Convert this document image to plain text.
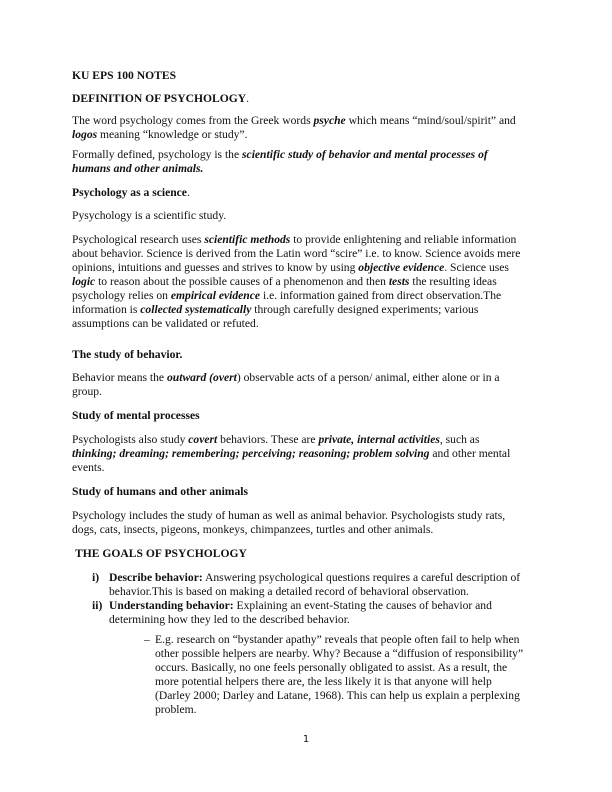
KU EPS 100 NOTES
DEFINITION OF PSYCHOLOGY.
The word psychology comes from the Greek words psyche which means “mind/soul/spirit” and
logos meaning “knowledge or study”.
Formally defined, psychology is the scientific study of behavior and mental processes of
humans and other animals.
Psychology as a science.
Pysychology is a scientific study.
Psychological research uses scientific methods to provide enlightening and reliable information
about behavior. Science is derived from the Latin word “scire” i.e. to know. Science avoids mere
opinions, intuitions and guesses and strives to know by using objective evidence. Science uses
logic to reason about the possible causes of a phenomenon and then tests the resulting ideas
psychology relies on empirical evidence i.e. information gained from direct observation.The
information is collected systematically through carefully designed experiments; various
assumptions can be validated or refuted.
The study of behavior.
Behavior means the outward (overt) observable acts of a person/ animal, either alone or in a
group.
Study of mental processes
Psychologists also study covert behaviors. These are private, internal activities, such as
thinking; dreaming; remembering; perceiving; reasoning; problem solving and other mental
events.
Study of humans and other animals
Psychology includes the study of human as well as animal behavior. Psychologists study rats,
dogs, cats, insects, pigeons, monkeys, chimpanzees, turtles and other animals.
THE GOALS OF PSYCHOLOGY
i) Describe behavior: Answering psychological questions requires a careful description of
behavior.This is based on making a detailed record of behavioral observation.
ii) Understanding behavior: Explaining an event-Stating the causes of behavior and
determining how they led to the described behavior.
– E.g. research on “bystander apathy” reveals that people often fail to help when
other possible helpers are nearby. Why? Because a “diffusion of responsibility”
occurs. Basically, no one feels personally obligated to assist. As a result, the
more potential helpers there are, the less likely it is that anyone will help
(Darley 2000; Darley and Latane, 1968). This can help us explain a perplexing
problem.
1
